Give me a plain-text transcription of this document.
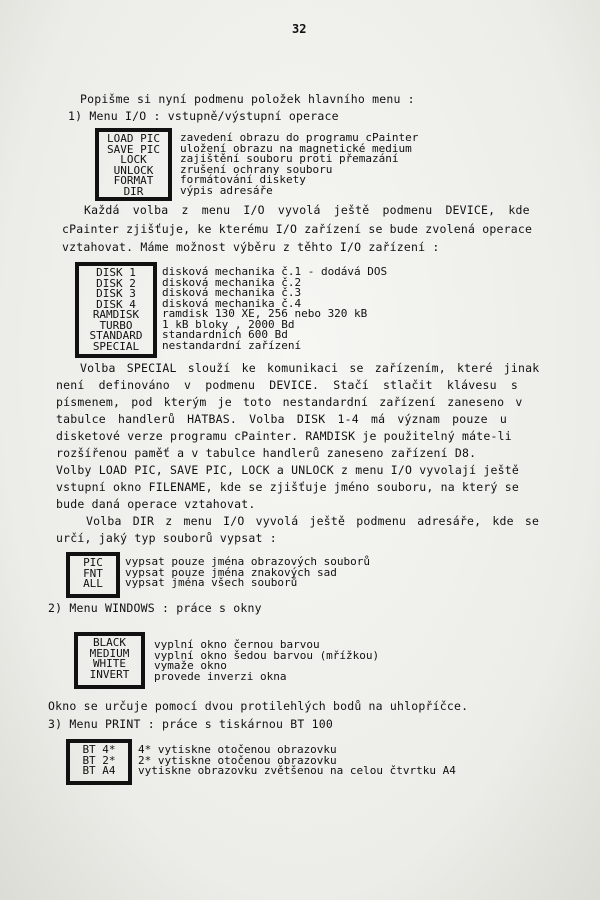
32
Popišme si nyní podmenu položek hlavního menu :
1) Menu I/O : vstupně/výstupní operace
LOAD PIC
SAVE PIC
LOCK
UNLOCK
FORMAT
DIR
zavedení obrazu do programu cPainter
uložení obrazu na magnetické medium
zajištění souboru proti přemazání
zrušení ochrany souboru
formátování diskety
výpis adresáře
Každá volba z menu I/O vyvolá ještě podmenu DEVICE, kde
cPainter zjišťuje, ke kterému I/O zařízení se bude zvolená operace
vztahovat. Máme možnost výběru z těhto I/O zařízení :
DISK 1
DISK 2
DISK 3
DISK 4
RAMDISK
TURBO
STANDARD
SPECIAL
disková mechanika č.1 - dodává DOS
disková mechanika č.2
disková mechanika č.3
disková mechanika č.4
ramdisk 130 XE, 256 nebo 320 kB
1 kB bloky , 2000 Bd
standardních 600 Bd
nestandardní zařízení
Volba SPECIAL slouží ke komunikaci se zařízením, které jinak
není definováno v podmenu DEVICE. Stačí stlačit klávesu s
písmenem, pod kterým je toto nestandardní zařízení zaneseno v
tabulce handlerů HATBAS. Volba DISK 1-4 má význam pouze u
disketové verze programu cPainter. RAMDISK je použitelný máte-li
rozšířenou paměť a v tabulce handlerů zaneseno zařízení D8.
Volby LOAD PIC, SAVE PIC, LOCK a UNLOCK z menu I/O vyvolají ještě
vstupní okno FILENAME, kde se zjišťuje jméno souboru, na který se
bude daná operace vztahovat.
Volba DIR z menu I/O vyvolá ještě podmenu adresáře, kde se
určí, jaký typ souborů vypsat :
PIC
FNT
ALL
vypsat pouze jména obrazových souborů
vypsat pouze jména znakových sad
vypsat jména všech souborů
2) Menu WINDOWS : práce s okny
BLACK
MEDIUM
WHITE
INVERT
vyplní okno černou barvou
vyplní okno šedou barvou (mřížkou)
vymaže okno
provede inverzi okna
Okno se určuje pomocí dvou protilehlých bodů na uhlopříčce.
3) Menu PRINT : práce s tiskárnou BT 100
BT 4*
BT 2*
BT A4
4* vytiskne otočenou obrazovku
2* vytiskne otočenou obrazovku
vytiskne obrazovku zvětšenou na celou čtvrtku A4
